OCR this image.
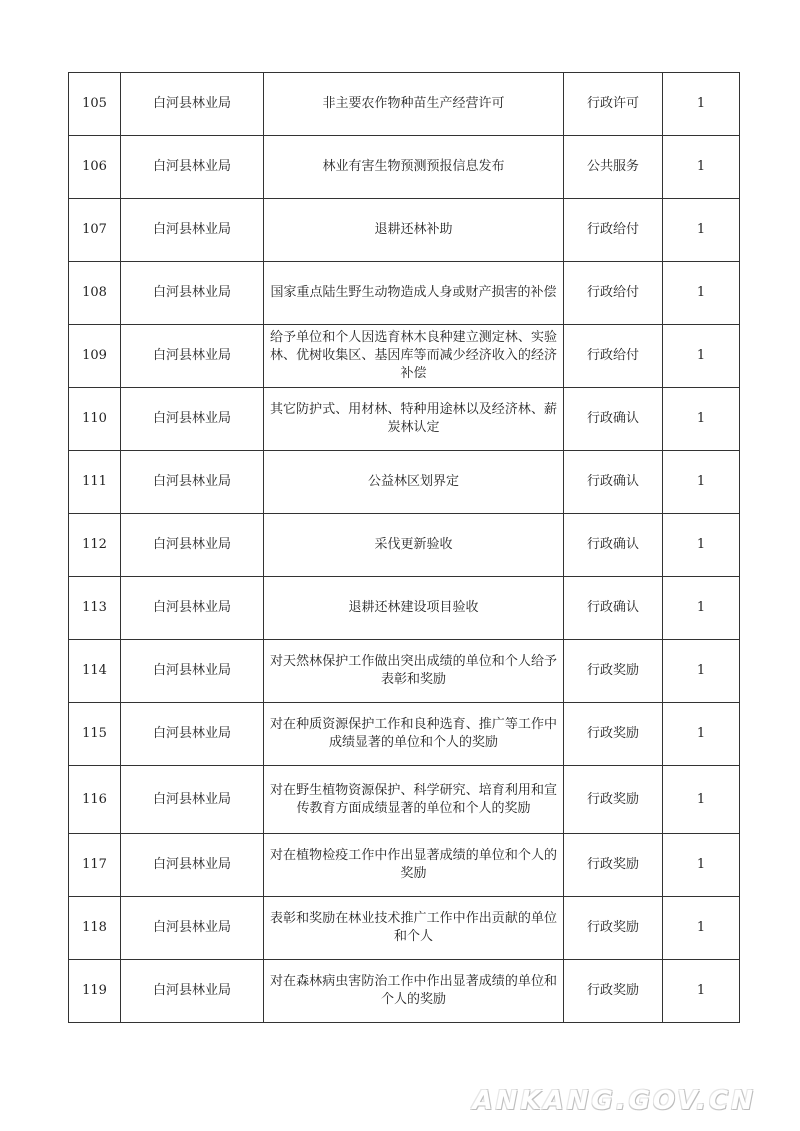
105	白河县林业局	非主要农作物种苗生产经营许可	行政许可	1
106	白河县林业局	林业有害生物预测预报信息发布	公共服务	1
107	白河县林业局	退耕还林补助	行政给付	1
108	白河县林业局	国家重点陆生野生动物造成人身或财产损害的补偿	行政给付	1
109	白河县林业局	给予单位和个人因选育林木良种建立测定林、实验林、优树收集区、基因库等而减少经济收入的经济补偿	行政给付	1
110	白河县林业局	其它防护式、用材林、特种用途林以及经济林、薪炭林认定	行政确认	1
111	白河县林业局	公益林区划界定	行政确认	1
112	白河县林业局	采伐更新验收	行政确认	1
113	白河县林业局	退耕还林建设项目验收	行政确认	1
114	白河县林业局	对天然林保护工作做出突出成绩的单位和个人给予表彰和奖励	行政奖励	1
115	白河县林业局	对在种质资源保护工作和良种选育、推广等工作中成绩显著的单位和个人的奖励	行政奖励	1
116	白河县林业局	对在野生植物资源保护、科学研究、培育利用和宣传教育方面成绩显著的单位和个人的奖励	行政奖励	1
117	白河县林业局	对在植物检疫工作中作出显著成绩的单位和个人的奖励	行政奖励	1
118	白河县林业局	表彰和奖励在林业技术推广工作中作出贡献的单位和个人	行政奖励	1
119	白河县林业局	对在森林病虫害防治工作中作出显著成绩的单位和个人的奖励	行政奖励	1
ANKANG.GOV.CN
